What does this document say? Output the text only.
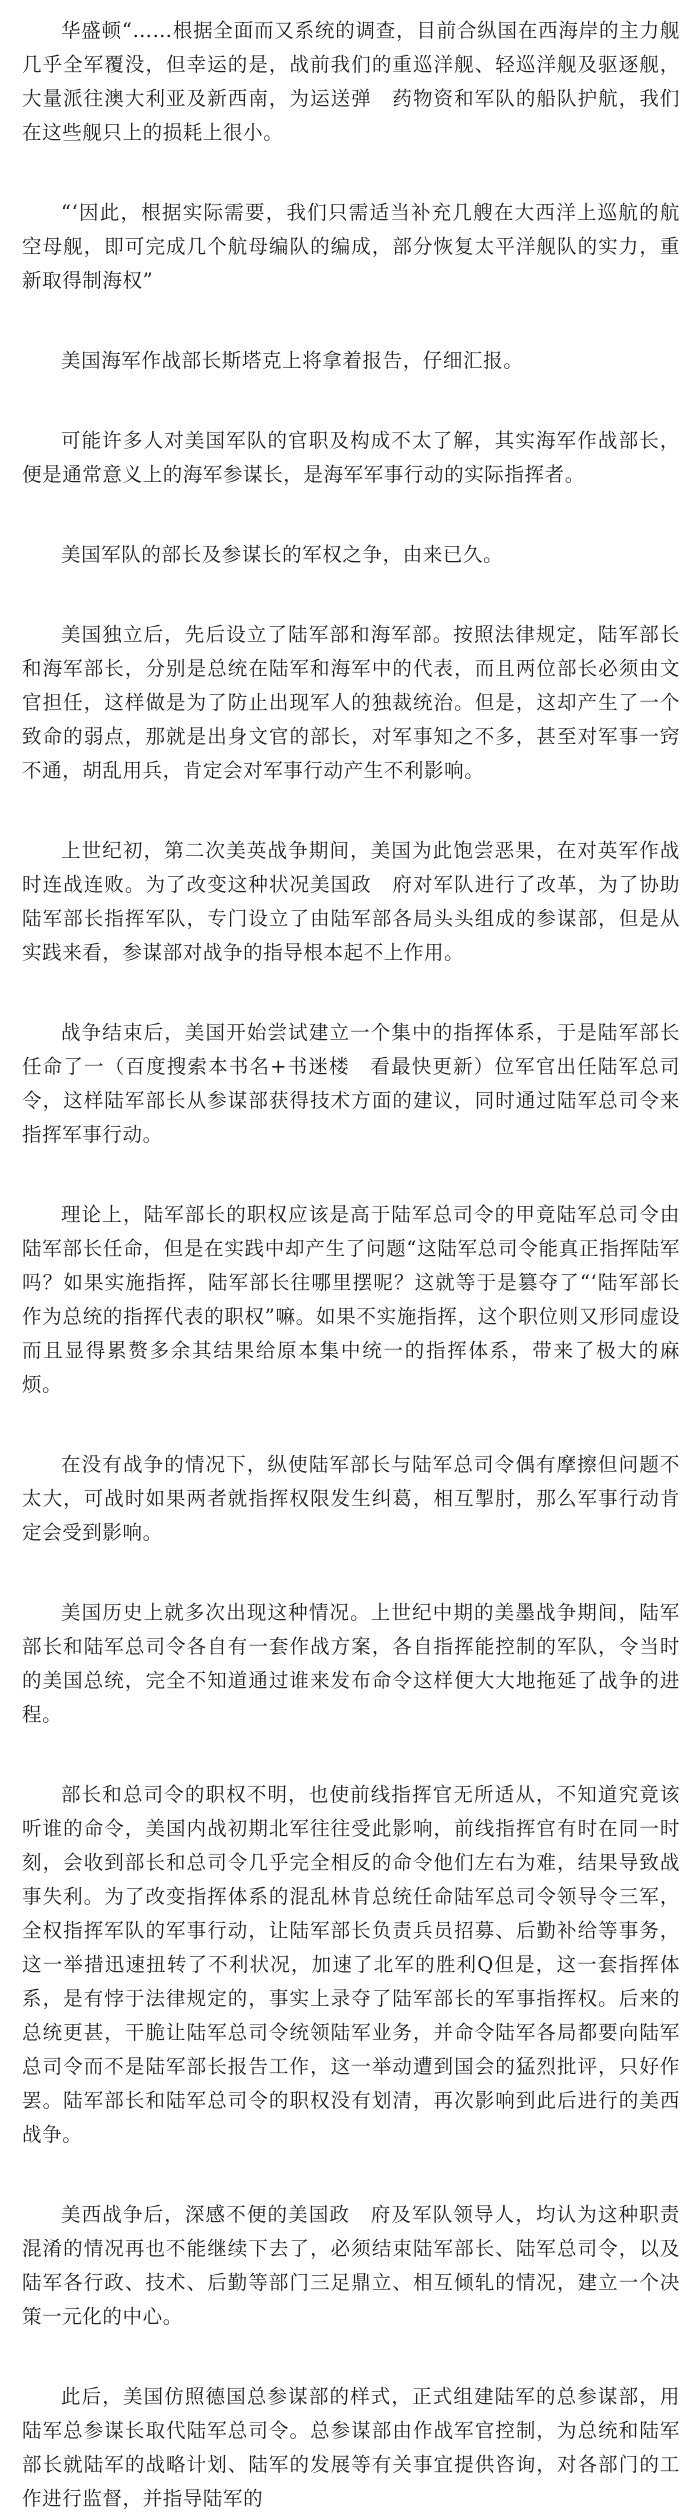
华盛顿“……根据全面而又系统的调查，目前合纵国在西海岸的主力舰几乎全军覆没，但幸运的是，战前我们的重巡洋舰、轻巡洋舰及驱逐舰，大量派往澳大利亚及新西南，为运送弹　药物资和军队的船队护航，我们在这些舰只上的损耗上很小。

“‘因此，根据实际需要，我们只需适当补充几艘在大西洋上巡航的航空母舰，即可完成几个航母编队的编成，部分恢复太平洋舰队的实力，重新取得制海权”

美国海军作战部长斯塔克上将拿着报告，仔细汇报。

可能许多人对美国军队的官职及构成不太了解，其实海军作战部长，便是通常意义上的海军参谋长，是海军军事行动的实际指挥者。

美国军队的部长及参谋长的军权之争，由来已久。

美国独立后，先后设立了陆军部和海军部。按照法律规定，陆军部长和海军部长，分别是总统在陆军和海军中的代表，而且两位部长必须由文官担任，这样做是为了防止出现军人的独裁统治。但是，这却产生了一个致命的弱点，那就是出身文官的部长，对军事知之不多，甚至对军事一窍不通，胡乱用兵，肯定会对军事行动产生不利影响。

上世纪初，第二次美英战争期间，美国为此饱尝恶果，在对英军作战时连战连败。为了改变这种状况美国政　府对军队进行了改革，为了协助陆军部长指挥军队，专门设立了由陆军部各局头头组成的参谋部，但是从实践来看，参谋部对战争的指导根本起不上作用。

战争结束后，美国开始尝试建立一个集中的指挥体系，于是陆军部长任命了一（百度搜索本书名+书迷楼　看最快更新）位军官出任陆军总司令，这样陆军部长从参谋部获得技术方面的建议，同时通过陆军总司令来指挥军事行动。

理论上，陆军部长的职权应该是高于陆军总司令的甲竟陆军总司令由陆军部长任命，但是在实践中却产生了问题“这陆军总司令能真正指挥陆军吗？如果实施指挥，陆军部长往哪里摆呢？这就等于是篡夺了“‘陆军部长作为总统的指挥代表的职权”嘛。如果不实施指挥，这个职位则又形同虚设而且显得累赘多余其结果给原本集中统一的指挥体系，带来了极大的麻烦。

在没有战争的情况下，纵使陆军部长与陆军总司令偶有摩擦但问题不太大，可战时如果两者就指挥权限发生纠葛，相互掣肘，那么军事行动肯定会受到影响。

美国历史上就多次出现这种情况。上世纪中期的美墨战争期间，陆军部长和陆军总司令各自有一套作战方案，各自指挥能控制的军队，令当时的美国总统，完全不知道通过谁来发布命令这样便大大地拖延了战争的进程。

部长和总司令的职权不明，也使前线指挥官无所适从，不知道究竟该听谁的命令，美国内战初期北军往往受此影响，前线指挥官有时在同一时刻，会收到部长和总司令几乎完全相反的命令他们左右为难，结果导致战事失利。为了改变指挥体系的混乱林肯总统任命陆军总司令领导令三军，全权指挥军队的军事行动，让陆军部长负责兵员招募、后勤补给等事务，这一举措迅速扭转了不利状况，加速了北军的胜利Q但是，这一套指挥体系，是有悖于法律规定的，事实上录夺了陆军部长的军事指挥权。后来的总统更甚，干脆让陆军总司令统领陆军业务，并命令陆军各局都要向陆军总司令而不是陆军部长报告工作，这一举动遭到国会的猛烈批评，只好作罢。陆军部长和陆军总司令的职权没有划清，再次影响到此后进行的美西战争。

美西战争后，深感不便的美国政　府及军队领导人，均认为这种职责混淆的情况再也不能继续下去了，必须结束陆军部长、陆军总司令，以及陆军各行政、技术、后勤等部门三足鼎立、相互倾轧的情况，建立一个决策一元化的中心。

此后，美国仿照德国总参谋部的样式，正式组建陆军的总参谋部，用陆军总参谋长取代陆军总司令。总参谋部由作战军官控制，为总统和陆军部长就陆军的战略计划、陆军的发展等有关事宜提供咨询，对各部门的工作进行监督，并指导陆军的
